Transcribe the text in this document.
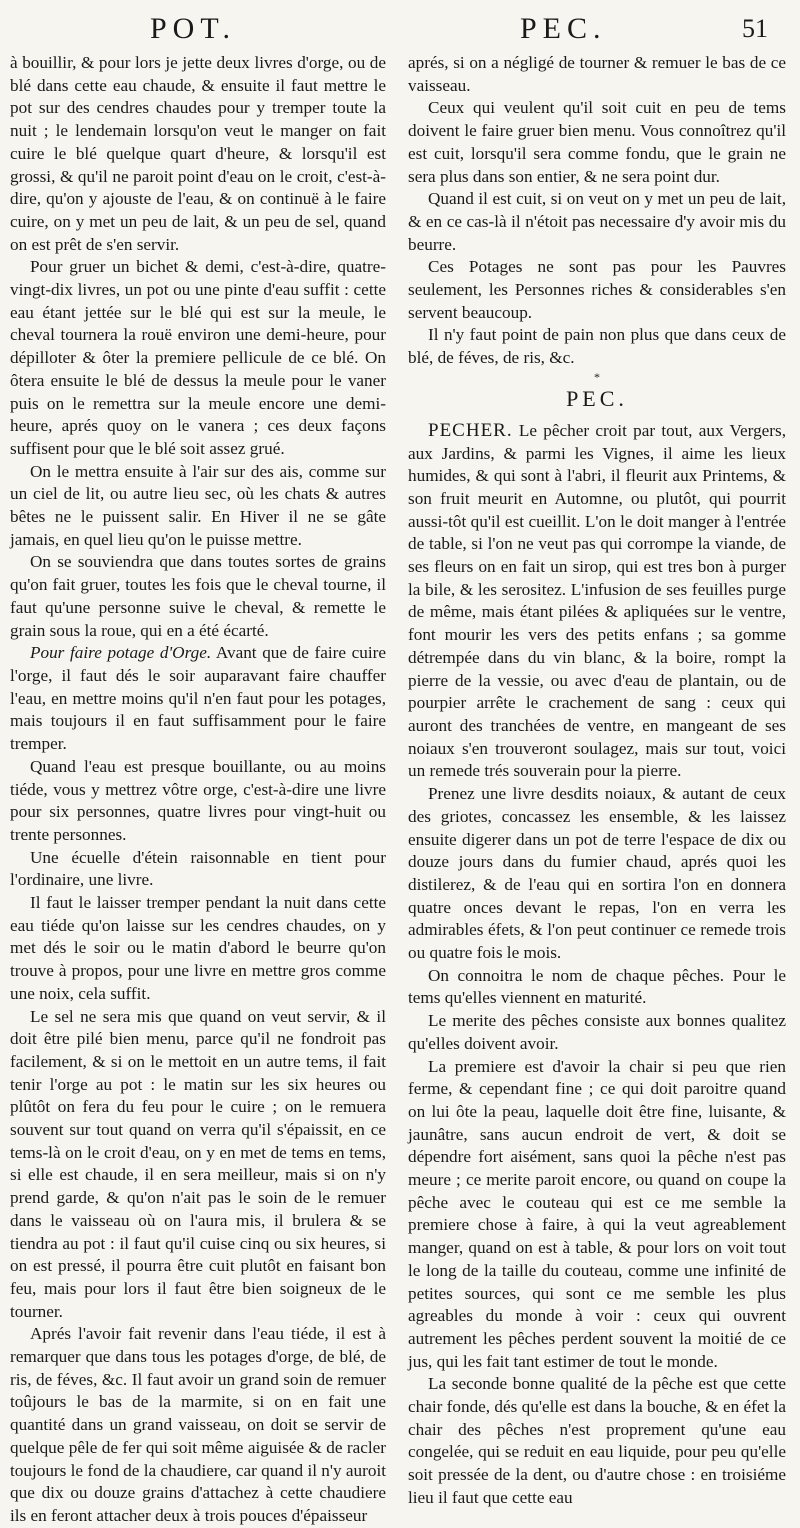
POT.	PEC.	51

à bouillir, & pour lors je jette deux livres d'orge, ou de blé dans cette eau chaude, & ensuite il faut mettre le pot sur des cendres chaudes pour y tremper toute la nuit ; le lendemain lorsqu'on veut le manger on fait cuire le blé quelque quart d'heure, & lorsqu'il est grossi, & qu'il ne paroit point d'eau on le croit, c'est-à-dire, qu'on y ajouste de l'eau, & on continuë à le faire cuire, on y met un peu de lait, & un peu de sel, quand on est prêt de s'en servir.

Pour gruer un bichet & demi, c'est-à-dire, quatre-vingt-dix livres, un pot ou une pinte d'eau suffit : cette eau étant jettée sur le blé qui est sur la meule, le cheval tournera la rouë environ une demi-heure, pour dépilloter & ôter la premiere pellicule de ce blé. On ôtera ensuite le blé de dessus la meule pour le vaner puis on le remettra sur la meule encore une demi-heure, aprés quoy on le vanera ; ces deux façons suffisent pour que le blé soit assez grué.

On le mettra ensuite à l'air sur des ais, comme sur un ciel de lit, ou autre lieu sec, où les chats & autres bêtes ne le puissent salir. En Hiver il ne se gâte jamais, en quel lieu qu'on le puisse mettre.

On se souviendra que dans toutes sortes de grains qu'on fait gruer, toutes les fois que le cheval tourne, il faut qu'une personne suive le cheval, & remette le grain sous la roue, qui en a été écarté.

Pour faire potage d'Orge. Avant que de faire cuire l'orge, il faut dés le soir auparavant faire chauffer l'eau, en mettre moins qu'il n'en faut pour les potages, mais toujours il en faut suffisamment pour le faire tremper.

Quand l'eau est presque bouillante, ou au moins tiéde, vous y mettrez vôtre orge, c'est-à-dire une livre pour six personnes, quatre livres pour vingt-huit ou trente personnes.

Une écuelle d'étein raisonnable en tient pour l'ordinaire, une livre.

Il faut le laisser tremper pendant la nuit dans cette eau tiéde qu'on laisse sur les cendres chaudes, on y met dés le soir ou le matin d'abord le beurre qu'on trouve à propos, pour une livre en mettre gros comme une noix, cela suffit.

Le sel ne sera mis que quand on veut servir, & il doit être pilé bien menu, parce qu'il ne fondroit pas facilement, & si on le mettoit en un autre tems, il fait tenir l'orge au pot : le matin sur les six heures ou plûtôt on fera du feu pour le cuire ; on le remuera souvent sur tout quand on verra qu'il s'épaissit, en ce tems-là on le croit d'eau, on y en met de tems en tems, si elle est chaude, il en sera meilleur, mais si on n'y prend garde, & qu'on n'ait pas le soin de le remuer dans le vaisseau où on l'aura mis, il brulera & se tiendra au pot : il faut qu'il cuise cinq ou six heures, si on est pressé, il pourra être cuit plutôt en faisant bon feu, mais pour lors il faut être bien soigneux de le tourner.

Aprés l'avoir fait revenir dans l'eau tiéde, il est à remarquer que dans tous les potages d'orge, de blé, de ris, de féves, &c. Il faut avoir un grand soin de remuer toûjours le bas de la marmite, si on en fait une quantité dans un grand vaisseau, on doit se servir de quelque pêle de fer qui soit même aiguisée & de racler toujours le fond de la chaudiere, car quand il n'y auroit que dix ou douze grains d'attachez à cette chaudiere ils en feront attacher deux à trois pouces d'épaisseur

aprés, si on a négligé de tourner & remuer le bas de ce vaisseau.

Ceux qui veulent qu'il soit cuit en peu de tems doivent le faire gruer bien menu. Vous connoîtrez qu'il est cuit, lorsqu'il sera comme fondu, que le grain ne sera plus dans son entier, & ne sera point dur.

Quand il est cuit, si on veut on y met un peu de lait, & en ce cas-là il n'étoit pas necessaire d'y avoir mis du beurre.

Ces Potages ne sont pas pour les Pauvres seulement, les Personnes riches & considerables s'en servent beaucoup.

Il n'y faut point de pain non plus que dans ceux de blé, de féves, de ris, &c.

*
PEC.

PECHER. Le pêcher croit par tout, aux Vergers, aux Jardins, & parmi les Vignes, il aime les lieux humides, & qui sont à l'abri, il fleurit aux Printems, & son fruit meurit en Automne, ou plutôt, qui pourrit aussi-tôt qu'il est cueillit. L'on le doit manger à l'entrée de table, si l'on ne veut pas qui corrompe la viande, de ses fleurs on en fait un sirop, qui est tres bon à purger la bile, & les serositez. L'infusion de ses feuilles purge de même, mais étant pilées & apliquées sur le ventre, font mourir les vers des petits enfans ; sa gomme détrempée dans du vin blanc, & la boire, rompt la pierre de la vessie, ou avec d'eau de plantain, ou de pourpier arrête le crachement de sang : ceux qui auront des tranchées de ventre, en mangeant de ses noiaux s'en trouveront soulagez, mais sur tout, voici un remede trés souverain pour la pierre.

Prenez une livre desdits noiaux, & autant de ceux des griotes, concassez les ensemble, & les laissez ensuite digerer dans un pot de terre l'espace de dix ou douze jours dans du fumier chaud, aprés quoi les distilerez, & de l'eau qui en sortira l'on en donnera quatre onces devant le repas, l'on en verra les admirables éfets, & l'on peut continuer ce remede trois ou quatre fois le mois.

On connoitra le nom de chaque pêches. Pour le tems qu'elles viennent en maturité.

Le merite des pêches consiste aux bonnes qualitez qu'elles doivent avoir.

La premiere est d'avoir la chair si peu que rien ferme, & cependant fine ; ce qui doit paroitre quand on lui ôte la peau, laquelle doit être fine, luisante, & jaunâtre, sans aucun endroit de vert, & doit se dépendre fort aisément, sans quoi la pêche n'est pas meure ; ce merite paroit encore, ou quand on coupe la pêche avec le couteau qui est ce me semble la premiere chose à faire, à qui la veut agreablement manger, quand on est à table, & pour lors on voit tout le long de la taille du couteau, comme une infinité de petites sources, qui sont ce me semble les plus agreables du monde à voir : ceux qui ouvrent autrement les pêches perdent souvent la moitié de ce jus, qui les fait tant estimer de tout le monde.

La seconde bonne qualité de la pêche est que cette chair fonde, dés qu'elle est dans la bouche, & en éfet la chair des pêches n'est proprement qu'une eau congelée, qui se reduit en eau liquide, pour peu qu'elle soit pressée de la dent, ou d'autre chose : en troisiéme lieu il faut que cette eau
